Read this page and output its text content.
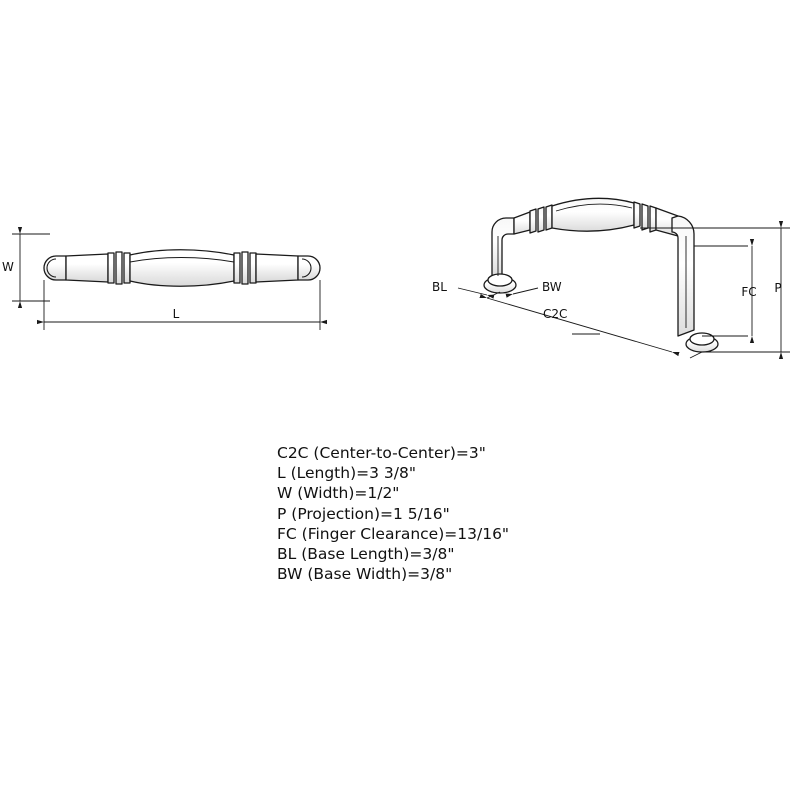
W
L
BL	BW
C2C
FC P
C2C (Center-to-Center)=3"
L (Length)=3 3/8"
W (Width)=1/2"
P (Projection)=1 5/16"
FC (Finger Clearance)=13/16"
BL (Base Length)=3/8"
BW (Base Width)=3/8"
